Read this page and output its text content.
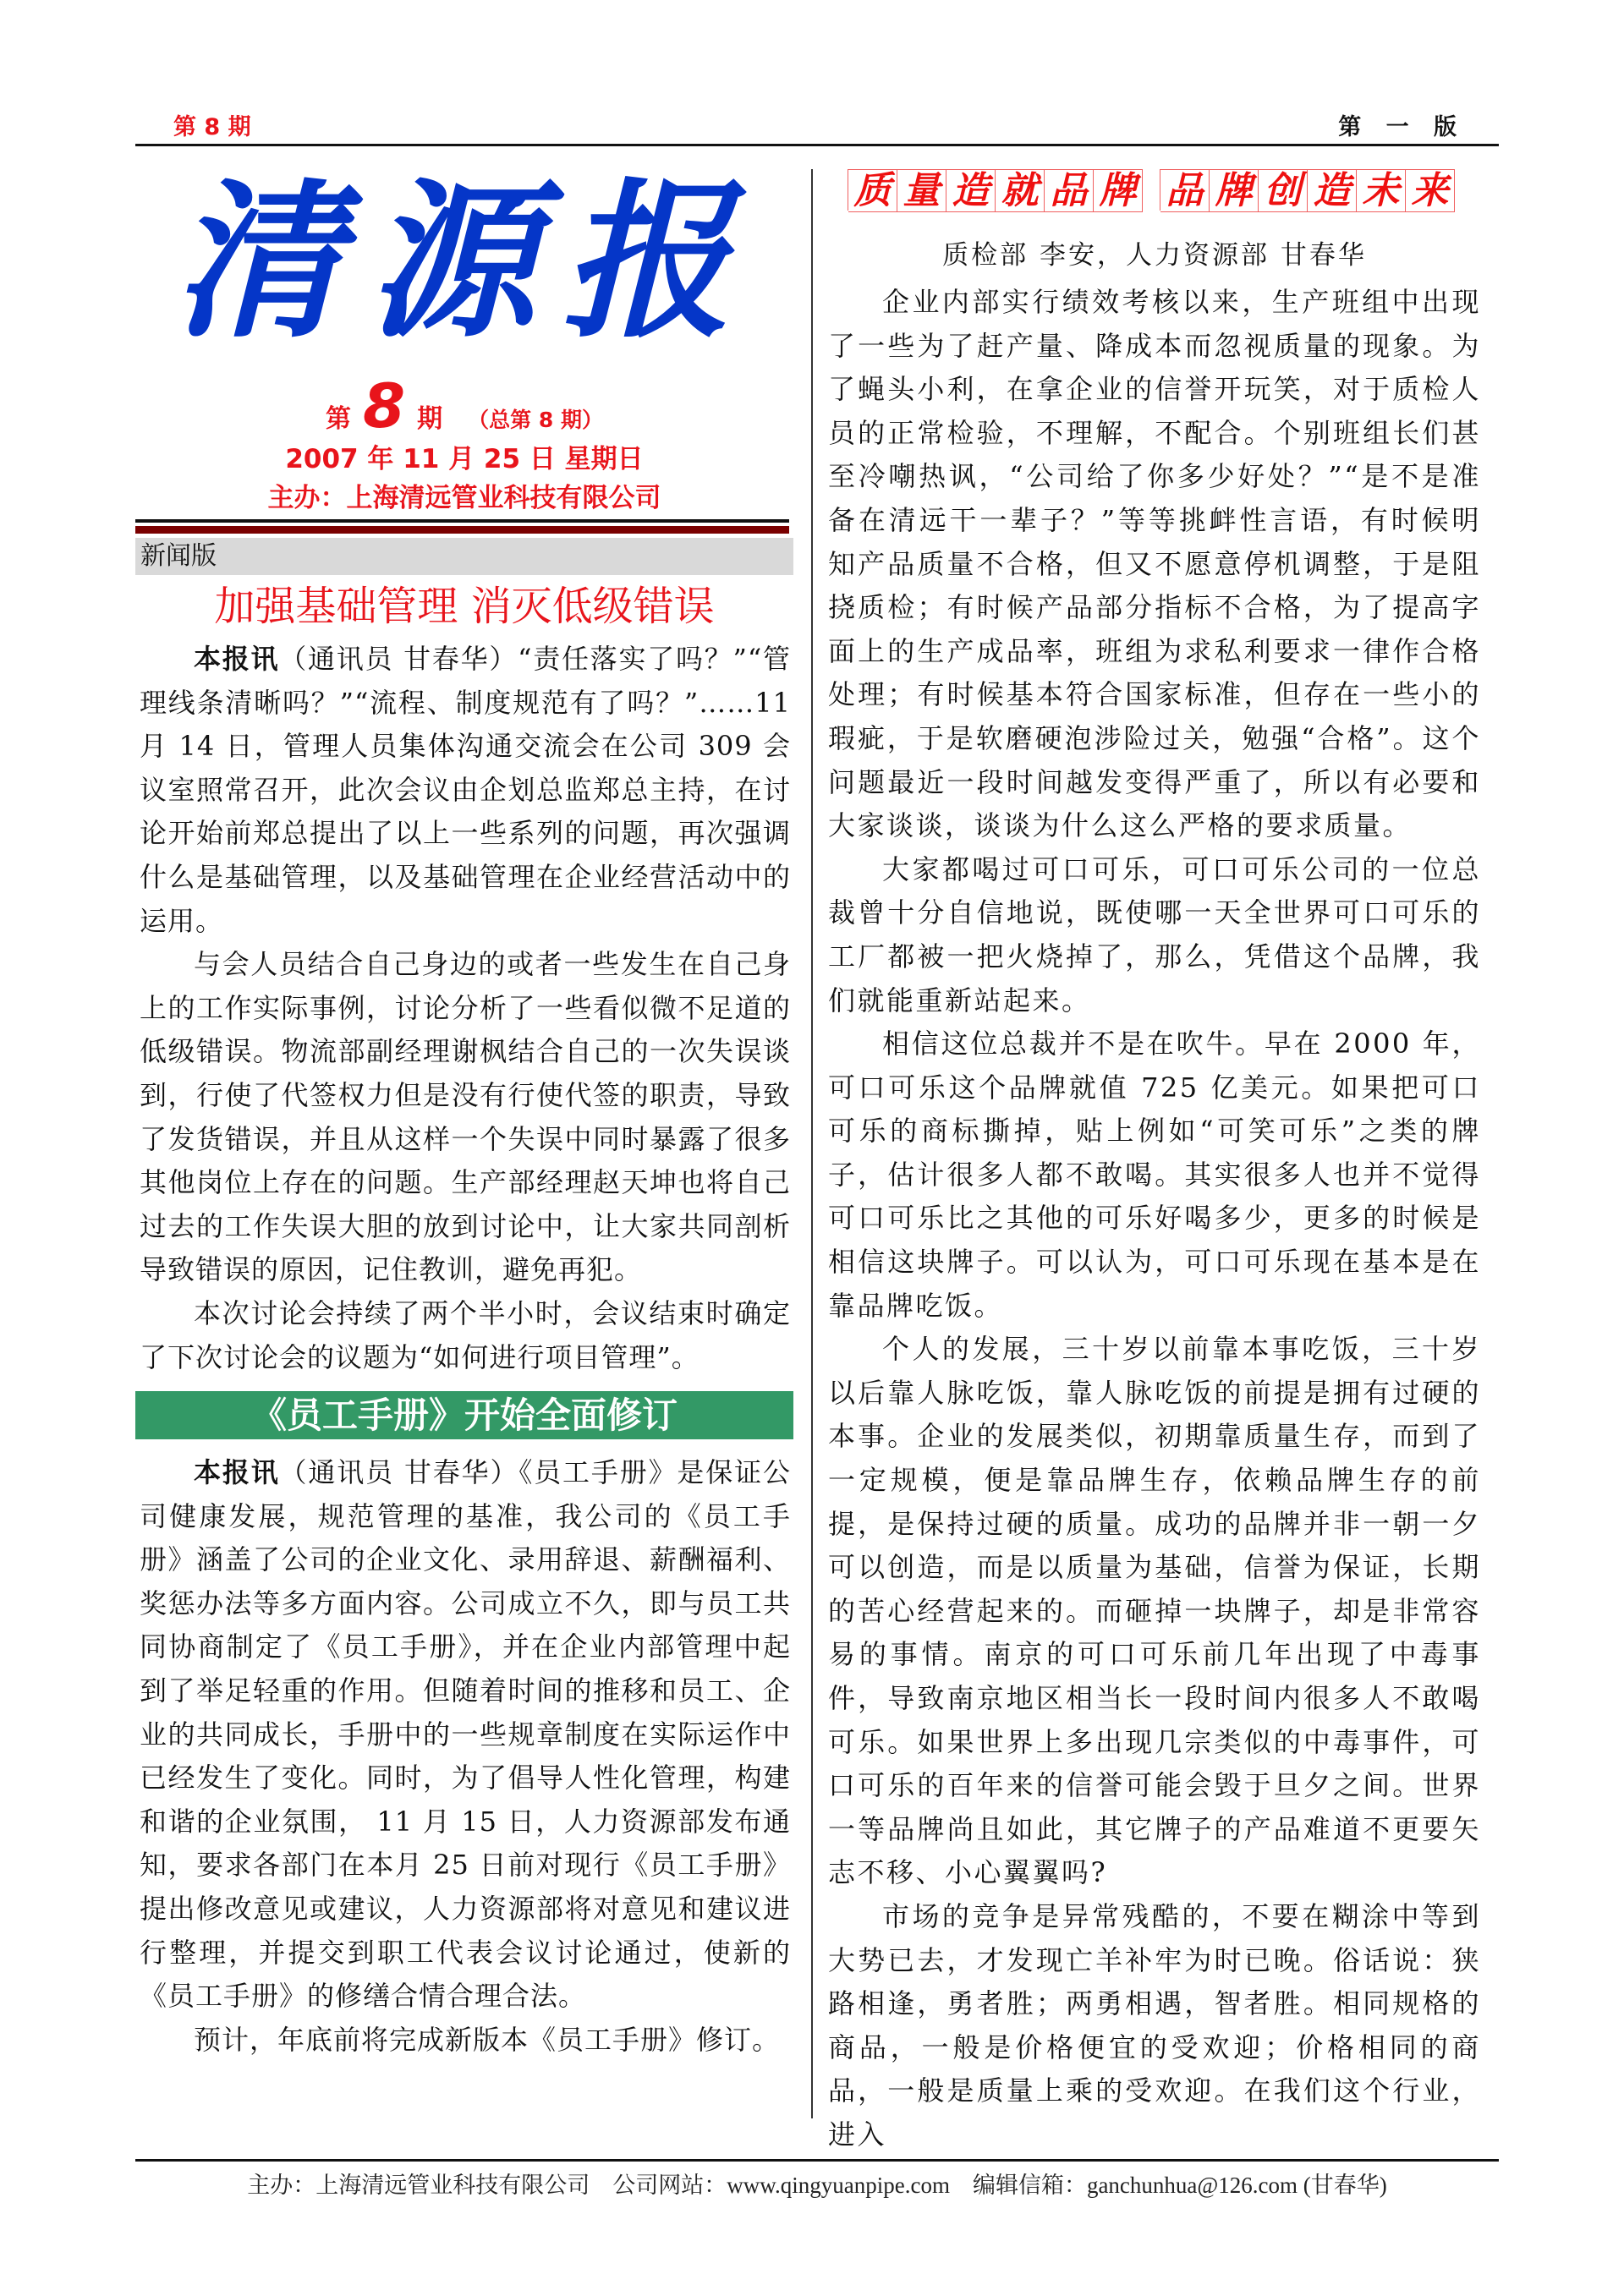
第 8 期	第 一 版
清源报
第 8 期 （总第 8 期）
2007 年 11 月 25 日 星期日
主办：上海清远管业科技有限公司
新闻版
加强基础管理 消灭低级错误

本报讯（通讯员 甘春华）“责任落实了吗？”“管理线条清晰吗？”“流程、制度规范有了吗？”……11 月 14 日，管理人员集体沟通交流会在公司 309 会议室照常召开，此次会议由企划总监郑总主持，在讨论开始前郑总提出了以上一些系列的问题，再次强调什么是基础管理，以及基础管理在企业经营活动中的运用。

与会人员结合自己身边的或者一些发生在自己身上的工作实际事例，讨论分析了一些看似微不足道的低级错误。物流部副经理谢枫结合自己的一次失误谈到，行使了代签权力但是没有行使代签的职责，导致了发货错误，并且从这样一个失误中同时暴露了很多其他岗位上存在的问题。生产部经理赵天坤也将自己过去的工作失误大胆的放到讨论中，让大家共同剖析导致错误的原因，记住教训，避免再犯。

本次讨论会持续了两个半小时，会议结束时确定了下次讨论会的议题为“如何进行项目管理”。

《员工手册》开始全面修订

本报讯（通讯员 甘春华）《员工手册》是保证公司健康发展，规范管理的基准，我公司的《员工手册》涵盖了公司的企业文化、录用辞退、薪酬福利、奖惩办法等多方面内容。公司成立不久，即与员工共同协商制定了《员工手册》，并在企业内部管理中起到了举足轻重的作用。但随着时间的推移和员工、企业的共同成长，手册中的一些规章制度在实际运作中已经发生了变化。同时，为了倡导人性化管理，构建和谐的企业氛围， 11 月 15 日，人力资源部发布通知，要求各部门在本月 25 日前对现行《员工手册》提出修改意见或建议，人力资源部将对意见和建议进行整理，并提交到职工代表会议讨论通过，使新的《员工手册》的修缮合情合理合法。

预计，年底前将完成新版本《员工手册》修订。

质 量 造 就 品 牌 品 牌 创 造 未 来
质检部 李安，人力资源部 甘春华

企业内部实行绩效考核以来，生产班组中出现了一些为了赶产量、降成本而忽视质量的现象。为了蝇头小利，在拿企业的信誉开玩笑，对于质检人员的正常检验，不理解，不配合。个别班组长们甚至冷嘲热讽，“公司给了你多少好处？”“是不是准备在清远干一辈子？”等等挑衅性言语，有时候明知产品质量不合格，但又不愿意停机调整，于是阻挠质检；有时候产品部分指标不合格，为了提高字面上的生产成品率，班组为求私利要求一律作合格处理；有时候基本符合国家标准，但存在一些小的瑕疵，于是软磨硬泡涉险过关，勉强“合格”。这个问题最近一段时间越发变得严重了，所以有必要和大家谈谈，谈谈为什么这么严格的要求质量。

大家都喝过可口可乐，可口可乐公司的一位总裁曾十分自信地说，既使哪一天全世界可口可乐的工厂都被一把火烧掉了，那么，凭借这个品牌，我们就能重新站起来。

相信这位总裁并不是在吹牛。早在 2000 年，可口可乐这个品牌就值 725 亿美元。如果把可口可乐的商标撕掉，贴上例如“可笑可乐”之类的牌子，估计很多人都不敢喝。其实很多人也并不觉得可口可乐比之其他的可乐好喝多少，更多的时候是相信这块牌子。可以认为，可口可乐现在基本是在靠品牌吃饭。

个人的发展，三十岁以前靠本事吃饭，三十岁以后靠人脉吃饭，靠人脉吃饭的前提是拥有过硬的本事。企业的发展类似，初期靠质量生存，而到了一定规模，便是靠品牌生存，依赖品牌生存的前提，是保持过硬的质量。成功的品牌并非一朝一夕可以创造，而是以质量为基础，信誉为保证，长期的苦心经营起来的。而砸掉一块牌子，却是非常容易的事情。南京的可口可乐前几年出现了中毒事件，导致南京地区相当长一段时间内很多人不敢喝可乐。如果世界上多出现几宗类似的中毒事件，可口可乐的百年来的信誉可能会毁于旦夕之间。世界一等品牌尚且如此，其它牌子的产品难道不更要矢志不移、小心翼翼吗?

市场的竞争是异常残酷的，不要在糊涂中等到大势已去，才发现亡羊补牢为时已晚。俗话说：狭路相逢，勇者胜；两勇相遇，智者胜。相同规格的商品，一般是价格便宜的受欢迎；价格相同的商品，一般是质量上乘的受欢迎。在我们这个行业，进入

主办：上海清远管业科技有限公司    公司网站：www.qingyuanpipe.com    编辑信箱：ganchunhua@126.com (甘春华)
